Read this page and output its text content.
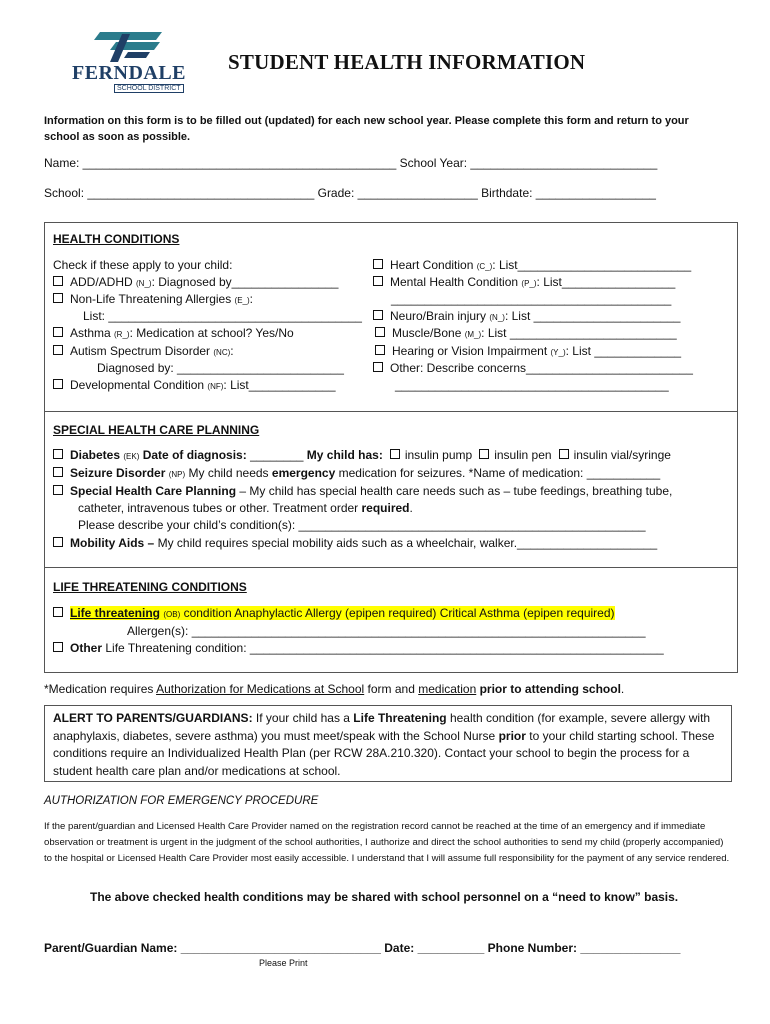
FERNDALE
SCHOOL DISTRICT
STUDENT HEALTH INFORMATION
Information on this form is to be filled out (updated) for each new school year. Please complete this form and return to your school as soon as possible.
Name: _______________________________________________ School Year: ____________________________
School: __________________________________ Grade: __________________ Birthdate: __________________
HEALTH CONDITIONS
Check if these apply to your child:
ADD/ADHD (N_): Diagnosed by________________
Non-Life Threatening Allergies (E_):
List: ______________________________________
Asthma (R_): Medication at school? Yes/No
Autism Spectrum Disorder (NC):
Diagnosed by: _________________________
Developmental Condition (NF): List_____________
Heart Condition (C_): List__________________________
Mental Health Condition (P_): List_________________
__________________________________________
Neuro/Brain injury (N_): List ______________________
Muscle/Bone (M_): List _________________________
Hearing or Vision Impairment (Y_): List _____________
Other: Describe concerns_________________________
_________________________________________
SPECIAL HEALTH CARE PLANNING
Diabetes (EK) Date of diagnosis: ________ My child has: insulin pump insulin pen insulin vial/syringe
Seizure Disorder (NP) My child needs emergency medication for seizures. *Name of medication: ___________
Special Health Care Planning – My child has special health care needs such as – tube feedings, breathing tube,
catheter, intravenous tubes or other. Treatment order required.
Please describe your child’s condition(s): ____________________________________________________
Mobility Aids – My child requires special mobility aids such as a wheelchair, walker._____________________
LIFE THREATENING CONDITIONS
Life threatening (OB) condition Anaphylactic Allergy (epipen required) Critical Asthma (epipen required)
Allergen(s): ____________________________________________________________________
Other Life Threatening condition: ______________________________________________________________
*Medication requires Authorization for Medications at School form and medication prior to attending school.
ALERT TO PARENTS/GUARDIANS: If your child has a Life Threatening health condition (for example, severe allergy with anaphylaxis, diabetes, severe asthma) you must meet/speak with the School Nurse prior to your child starting school. These conditions require an Individualized Health Plan (per RCW 28A.210.320). Contact your school to begin the process for a student health care plan and/or medications at school.
AUTHORIZATION FOR EMERGENCY PROCEDURE
If the parent/guardian and Licensed Health Care Provider named on the registration record cannot be reached at the time of an emergency and if immediate observation or treatment is urgent in the judgment of the school authorities, I authorize and direct the school authorities to send my child (properly accompanied) to the hospital or Licensed Health Care Provider most easily accessible. I understand that I will assume full responsibility for the payment of any service rendered.
The above checked health conditions may be shared with school personnel on a “need to know” basis.
Parent/Guardian Name: ______________________________ Date: __________ Phone Number: _______________
Please Print
